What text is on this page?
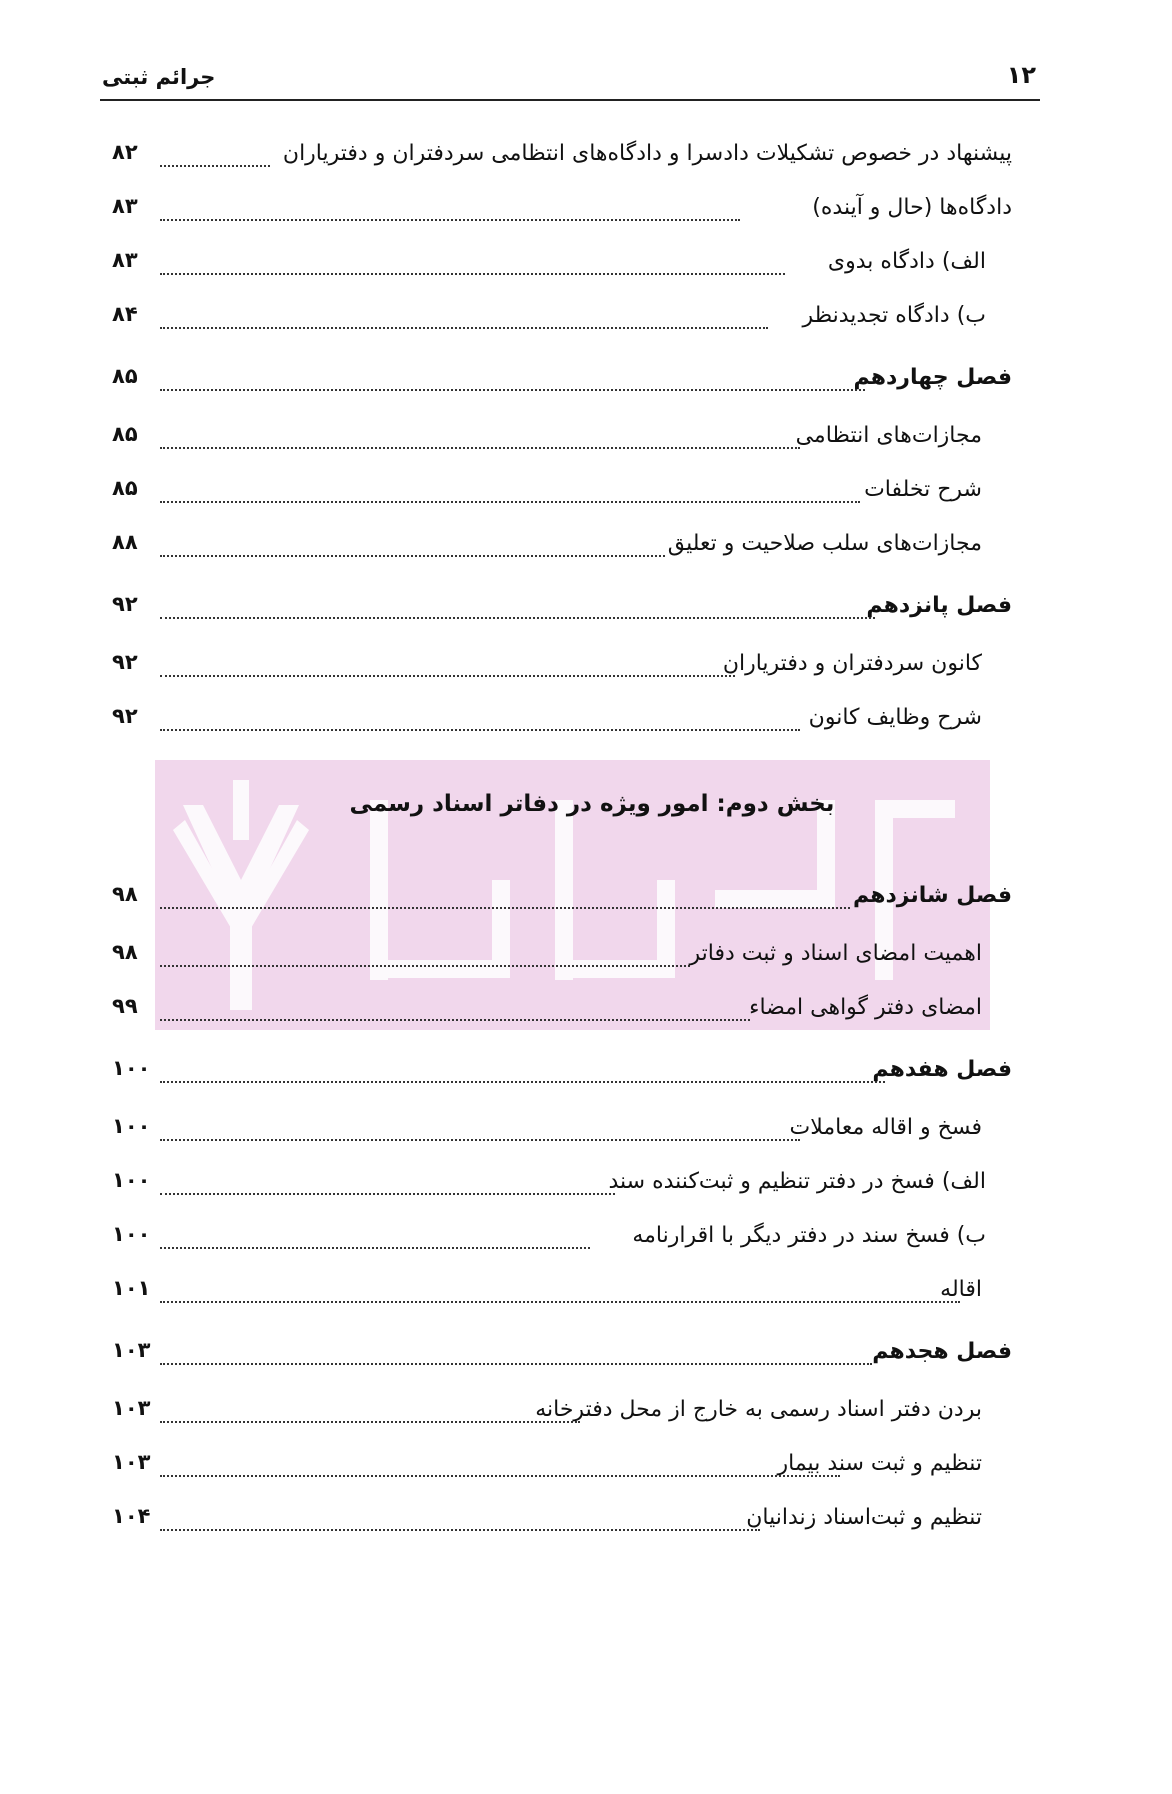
۱۲
جرائم ثبتی
۸۲	پیشنهاد در خصوص تشکیلات دادسرا و دادگاه‌های انتظامی سردفتران و دفتریاران
۸۳	دادگاه‌ها (حال و آینده)
۸۳	الف) دادگاه بدوی
۸۴	ب) دادگاه تجدیدنظر
۸۵	فصل چهاردهم
۸۵	مجازات‌های انتظامی
۸۵	شرح تخلفات
۸۸	مجازات‌های سلب صلاحیت و تعلیق
۹۲	فصل پانزدهم
۹۲	کانون سردفتران و دفتریاران
۹۲	شرح وظایف کانون
بخش دوم: امور ویژه در دفاتر اسناد رسمی
۹۸	فصل شانزدهم
۹۸	اهمیت امضای اسناد و ثبت دفاتر
۹۹	امضای دفتر گواهی امضاء
۱۰۰	فصل هفدهم
۱۰۰	فسخ و اقاله معاملات
۱۰۰	الف) فسخ در دفتر تنظیم و ثبت‌کننده سند
۱۰۰	ب) فسخ سند در دفتر دیگر با اقرارنامه
۱۰۱	اقاله
۱۰۳	فصل هجدهم
۱۰۳	بردن دفتر اسناد رسمی به خارج از محل دفترخانه
۱۰۳	تنظیم و ثبت سند بیمار
۱۰۴	تنظیم و ثبت‌اسناد زندانیان
